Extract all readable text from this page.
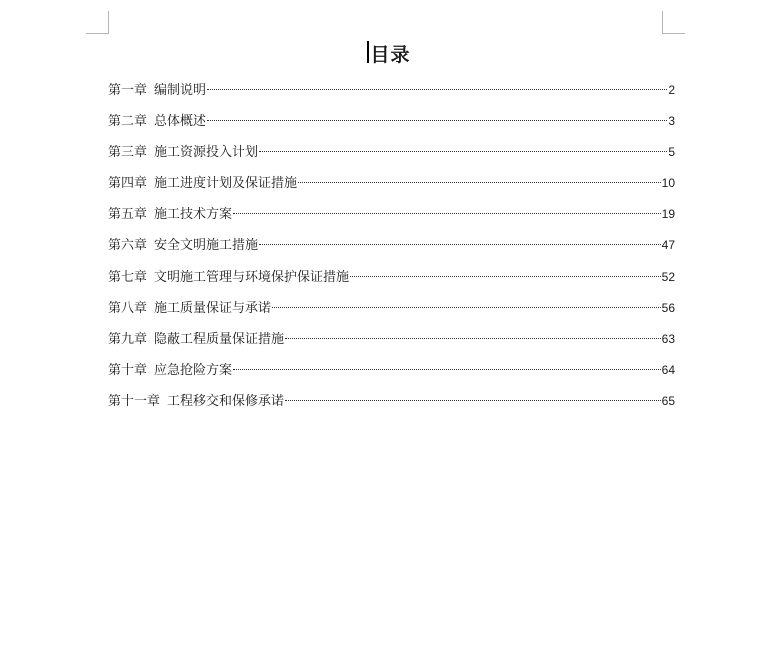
目录
第一章 编制说明	2
第二章 总体概述	3
第三章 施工资源投入计划	5
第四章 施工进度计划及保证措施	10
第五章 施工技术方案	19
第六章 安全文明施工措施	47
第七章 文明施工管理与环境保护保证措施	52
第八章 施工质量保证与承诺	56
第九章 隐蔽工程质量保证措施	63
第十章 应急抢险方案	64
第十一章 工程移交和保修承诺	65
